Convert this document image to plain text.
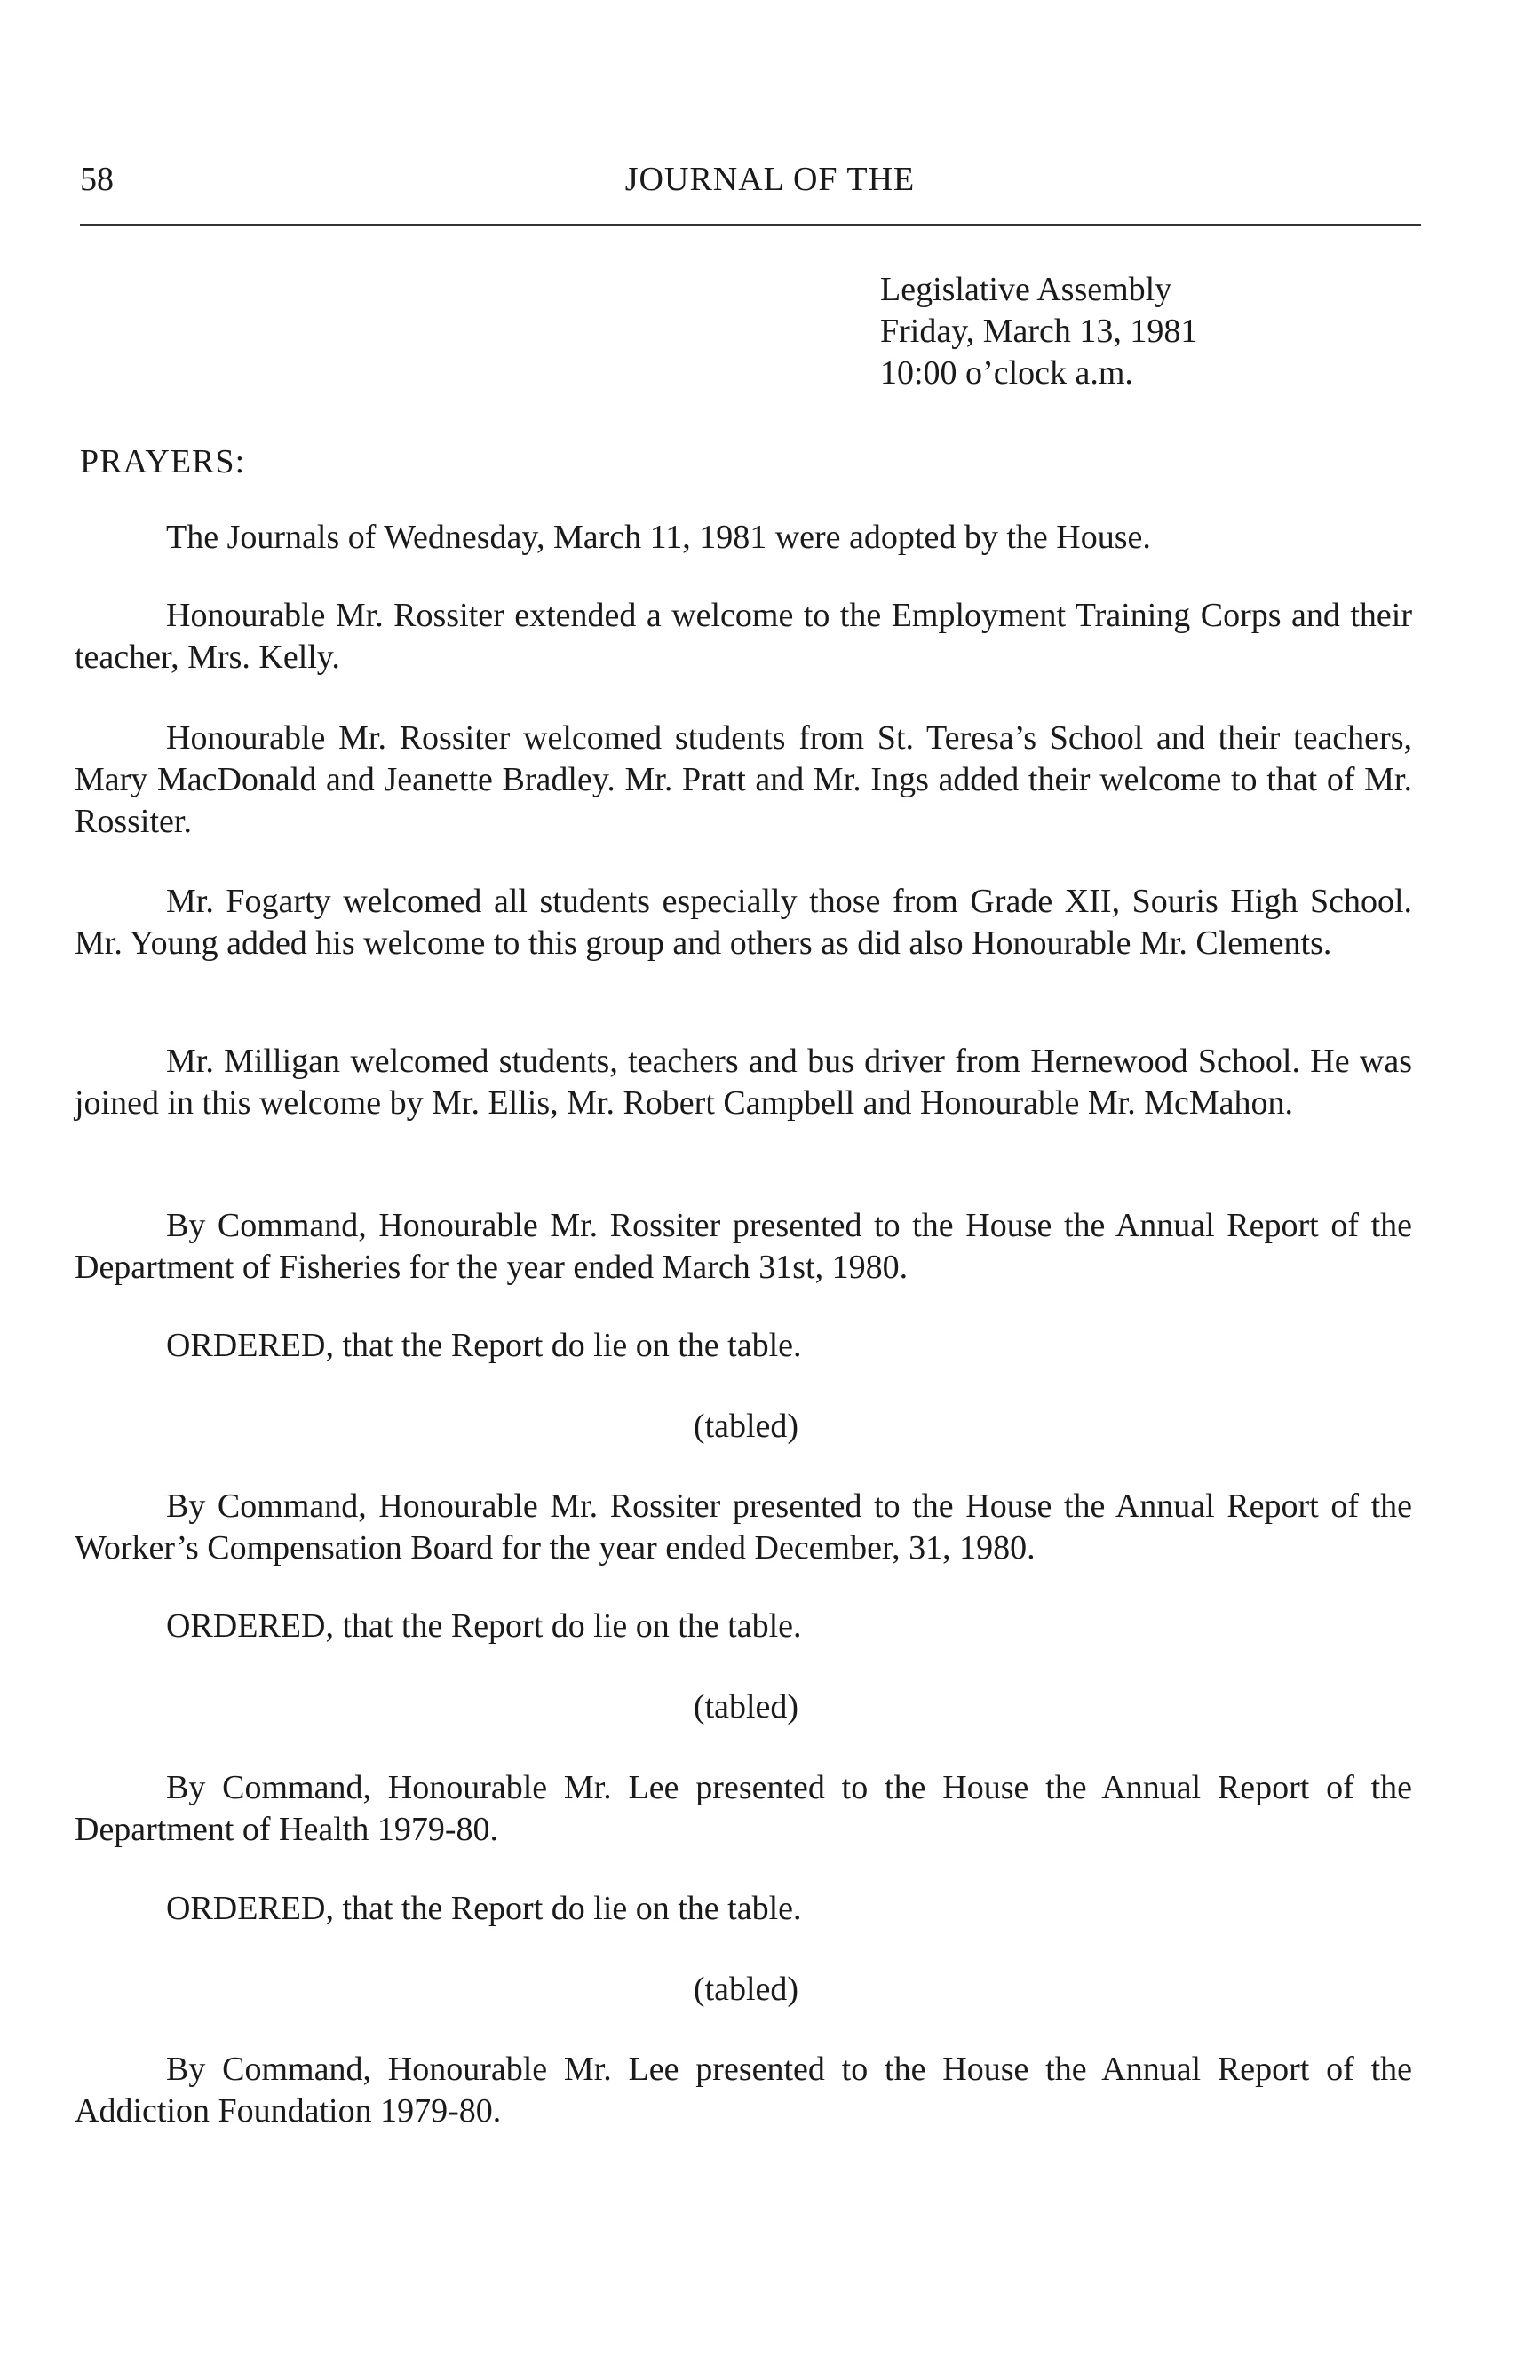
58	JOURNAL OF THE
Legislative Assembly
Friday, March 13, 1981
10:00 o’clock a.m.
PRAYERS:
The Journals of Wednesday, March 11, 1981 were adopted by the House.
Honourable Mr. Rossiter extended a welcome to the Employment Training Corps and their teacher, Mrs. Kelly.
Honourable Mr. Rossiter welcomed students from St. Teresa’s School and their teachers, Mary MacDonald and Jeanette Bradley. Mr. Pratt and Mr. Ings added their welcome to that of Mr. Rossiter.
Mr. Fogarty welcomed all students especially those from Grade XII, Souris High School. Mr. Young added his welcome to this group and others as did also Honourable Mr. Clements.
Mr. Milligan welcomed students, teachers and bus driver from Hernewood School. He was joined in this welcome by Mr. Ellis, Mr. Robert Campbell and Honourable Mr. McMahon.
By Command, Honourable Mr. Rossiter presented to the House the Annual Report of the Department of Fisheries for the year ended March 31st, 1980.
ORDERED, that the Report do lie on the table.
(tabled)
By Command, Honourable Mr. Rossiter presented to the House the Annual Report of the Worker’s Compensation Board for the year ended December, 31, 1980.
ORDERED, that the Report do lie on the table.
(tabled)
By Command, Honourable Mr. Lee presented to the House the Annual Report of the Department of Health 1979-80.
ORDERED, that the Report do lie on the table.
(tabled)
By Command, Honourable Mr. Lee presented to the House the Annual Report of the Addiction Foundation 1979-80.
